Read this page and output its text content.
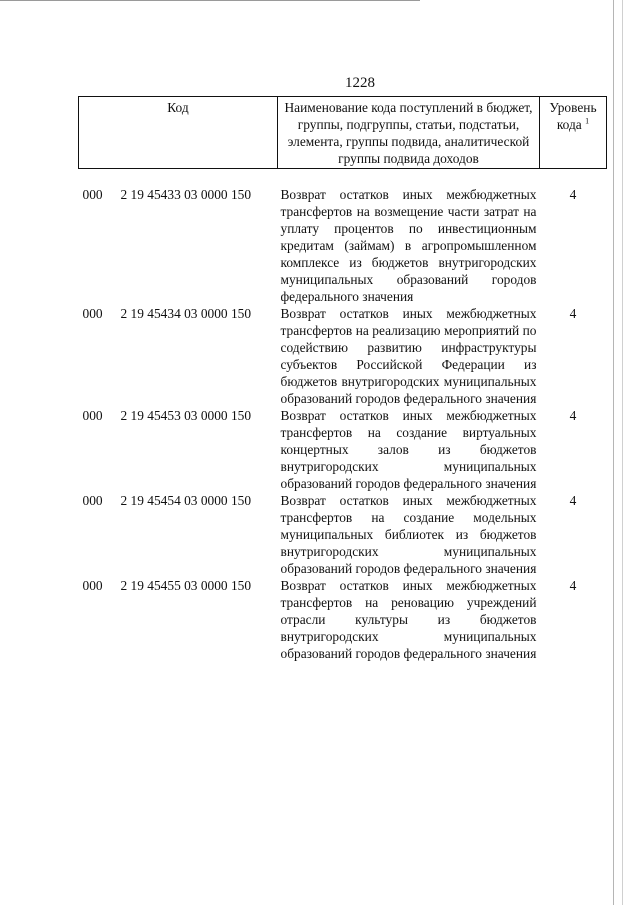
1228
Код	Наименование кода поступлений в бюджет, группы, подгруппы, статьи, подстатьи, элемента, группы подвида, аналитической группы подвида доходов	Уровень кода $^1$

000 2 19 45433 03 0000 150	Возврат остатков иных межбюджетных трансфертов на возмещение части затрат на уплату процентов по инвестиционным кредитам (займам) в агропромышленном комплексе из бюджетов внутригородских муниципальных образований городов федерального значения	4
000 2 19 45434 03 0000 150	Возврат остатков иных межбюджетных трансфертов на реализацию мероприятий по содействию развитию инфраструктуры субъектов Российской Федерации из бюджетов внутригородских муниципальных образований городов федерального значения	4
000 2 19 45453 03 0000 150	Возврат остатков иных межбюджетных трансфертов на создание виртуальных концертных залов из бюджетов внутригородских муниципальных образований городов федерального значения	4
000 2 19 45454 03 0000 150	Возврат остатков иных межбюджетных трансфертов на создание модельных муниципальных библиотек из бюджетов внутригородских муниципальных образований городов федерального значения	4
000 2 19 45455 03 0000 150	Возврат остатков иных межбюджетных трансфертов на реновацию учреждений отрасли культуры из бюджетов внутригородских муниципальных образований городов федерального значения	4
